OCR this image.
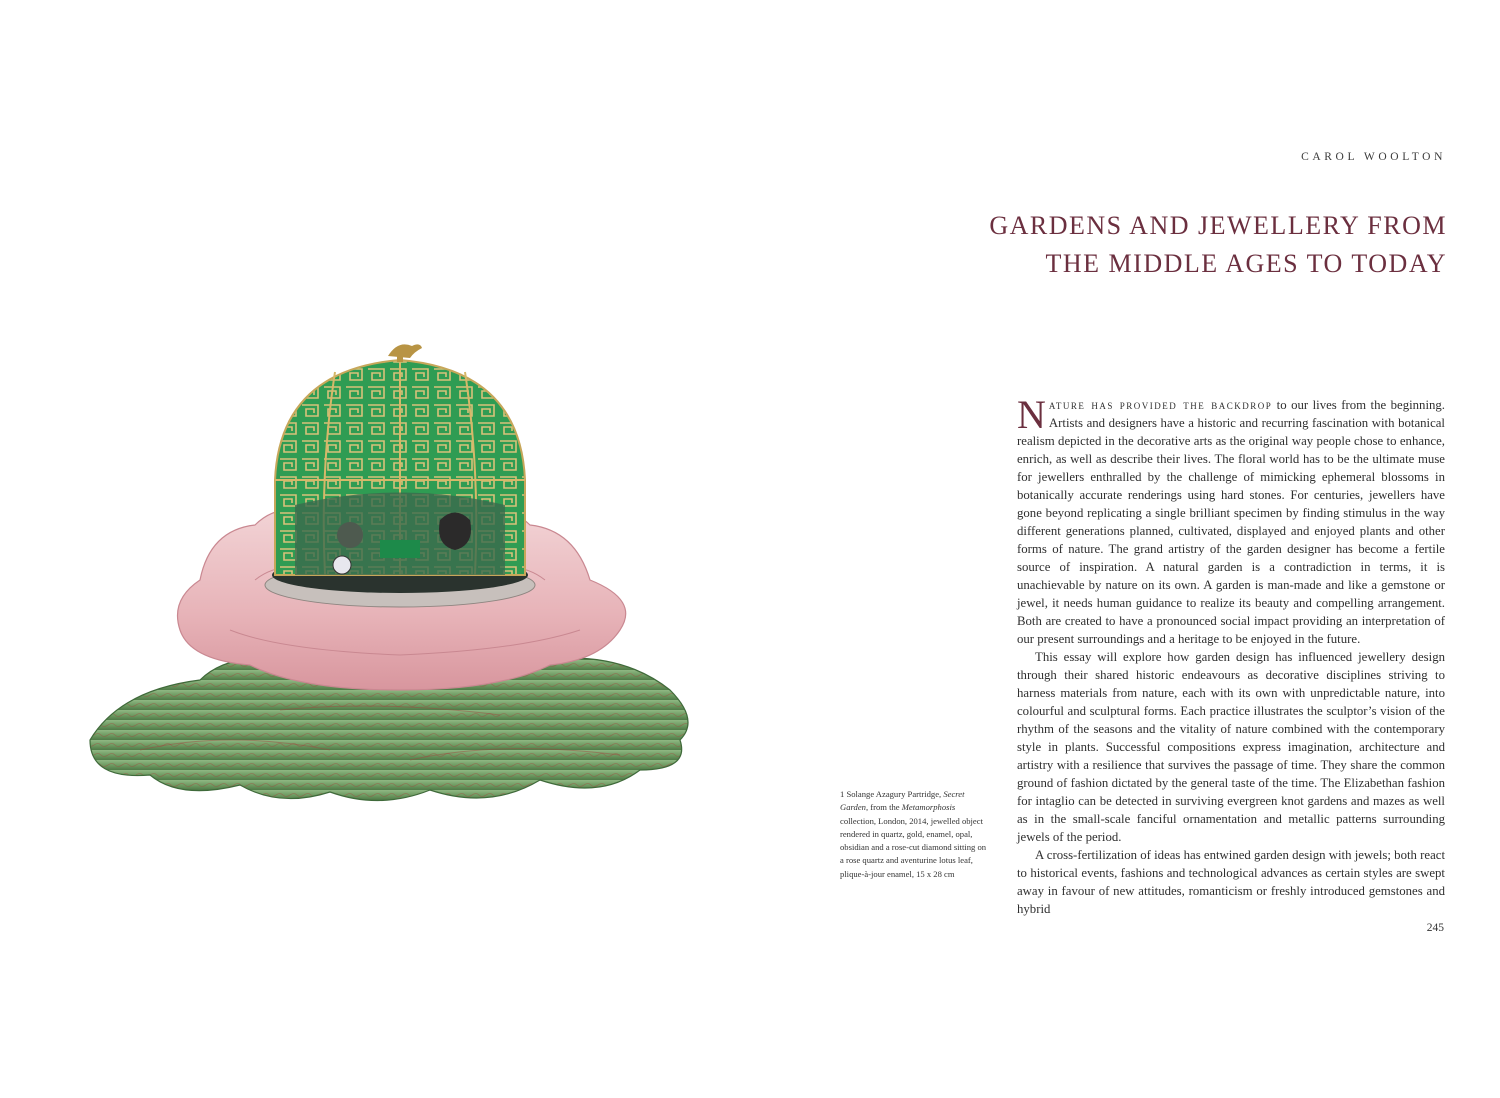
CAROL WOOLTON
GARDENS AND JEWELLERY FROM
THE MIDDLE AGES TO TODAY
1 Solange Azagury Partridge, Secret Garden, from the Metamorphosis collection, London, 2014, jewelled object rendered in quartz, gold, enamel, opal, obsidian and a rose-cut diamond sitting on a rose quartz and aventurine lotus leaf, plique-à-jour enamel, 15 x 28 cm

Nature has provided the backdrop to our lives from the beginning. Artists and designers have a historic and recurring fascination with botanical realism depicted in the decorative arts as the original way people chose to enhance, enrich, as well as describe their lives. The floral world has to be the ultimate muse for jewellers enthralled by the challenge of mimicking ephemeral blossoms in botanically accurate renderings using hard stones. For centuries, jewellers have gone beyond replicating a single brilliant specimen by finding stimulus in the way different generations planned, cultivated, displayed and enjoyed plants and other forms of nature. The grand artistry of the garden designer has become a fertile source of inspiration. A natural garden is a contradiction in terms, it is unachievable by nature on its own. A garden is man-made and like a gemstone or jewel, it needs human guidance to realize its beauty and compelling arrangement. Both are created to have a pronounced social impact providing an interpretation of our present surroundings and a heritage to be enjoyed in the future.

This essay will explore how garden design has influenced jewellery design through their shared historic endeavours as decorative disciplines striving to harness materials from nature, each with its own with unpredictable nature, into colourful and sculptural forms. Each practice illustrates the sculptor’s vision of the rhythm of the seasons and the vitality of nature combined with the contemporary style in plants. Successful compositions express imagination, architecture and artistry with a resilience that survives the passage of time. They share the common ground of fashion dictated by the general taste of the time. The Elizabethan fashion for intaglio can be detected in surviving evergreen knot gardens and mazes as well as in the small-scale fanciful ornamentation and metallic patterns surrounding jewels of the period.

A cross-fertilization of ideas has entwined garden design with jewels; both react to historical events, fashions and technological advances as certain styles are swept away in favour of new attitudes, romanticism or freshly introduced gemstones and hybrid

245
